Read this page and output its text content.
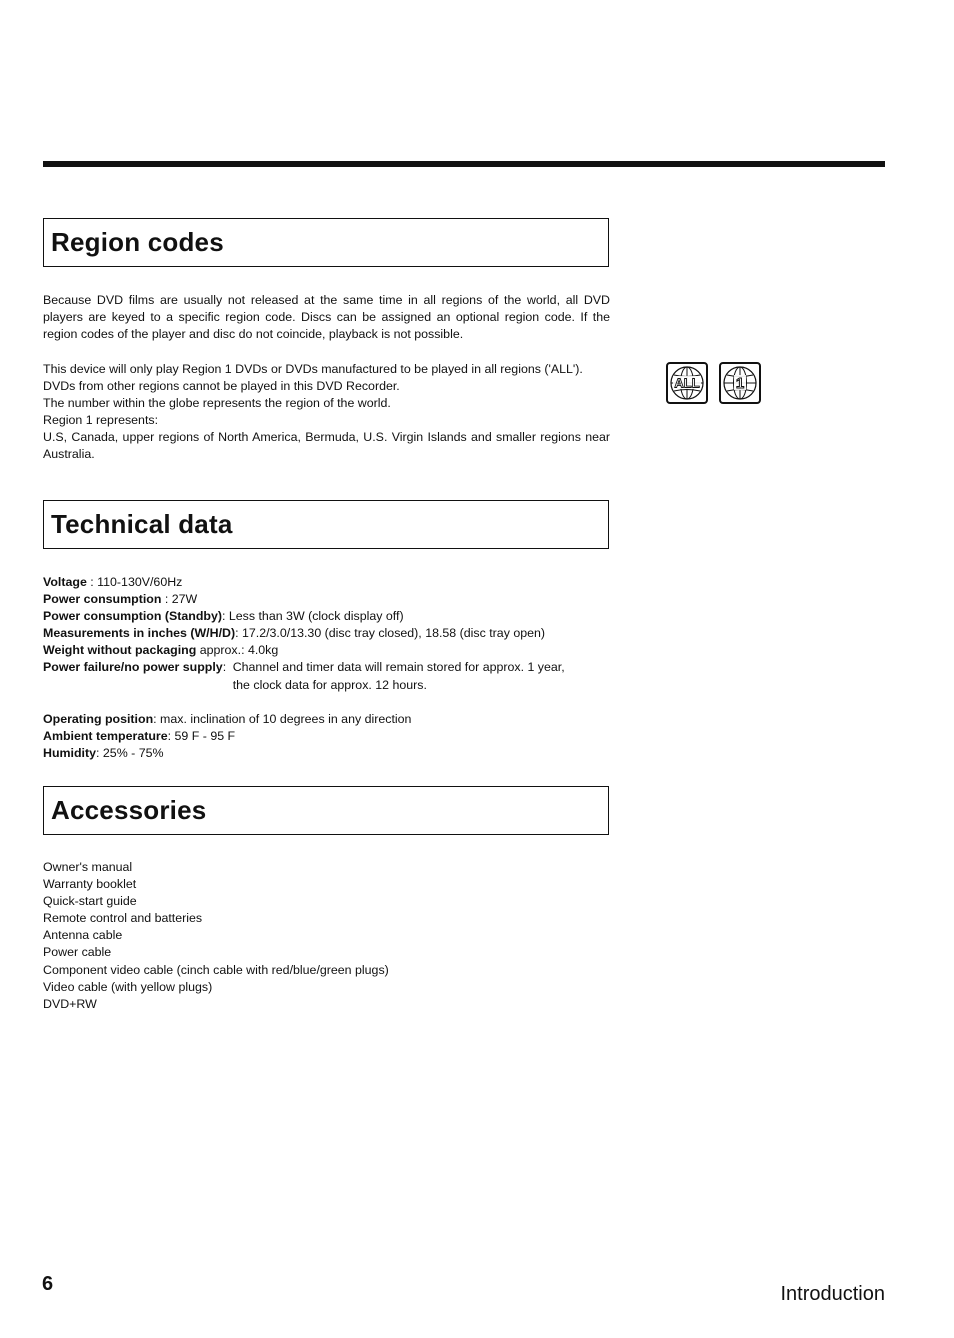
Region codes

Because DVD films are usually not released at the same time in all regions of the world, all DVD players are keyed to a specific region code. Discs can be assigned an optional region code. If the region codes of the player and disc do not coincide, playback is not possible.

This device will only play Region 1 DVDs or DVDs manufactured to be played in all regions ('ALL').
DVDs from other regions cannot be played in this DVD Recorder.
The number within the globe represents the region of the world.
Region 1 represents:
U.S, Canada, upper regions of North America, Bermuda, U.S. Virgin Islands and smaller regions near Australia.

ALL 1
Technical data
Voltage : 110-130V/60Hz
Power consumption : 27W
Power consumption (Standby): Less than 3W (clock display off)
Measurements in inches (W/H/D): 17.2/3.0/13.30 (disc tray closed), 18.58 (disc tray open)
Weight without packaging approx.: 4.0kg
Power failure/no power supply : Channel and timer data will remain stored for approx. 1 year, the clock data for approx. 12 hours.
Operating position: max. inclination of 10 degrees in any direction
Ambient temperature: 59 F - 95 F
Humidity: 25% - 75%
Accessories
Owner's manual
Warranty booklet
Quick-start guide
Remote control and batteries
Antenna cable
Power cable
Component video cable (cinch cable with red/blue/green plugs)
Video cable (with yellow plugs)
DVD+RW
6	Introduction
